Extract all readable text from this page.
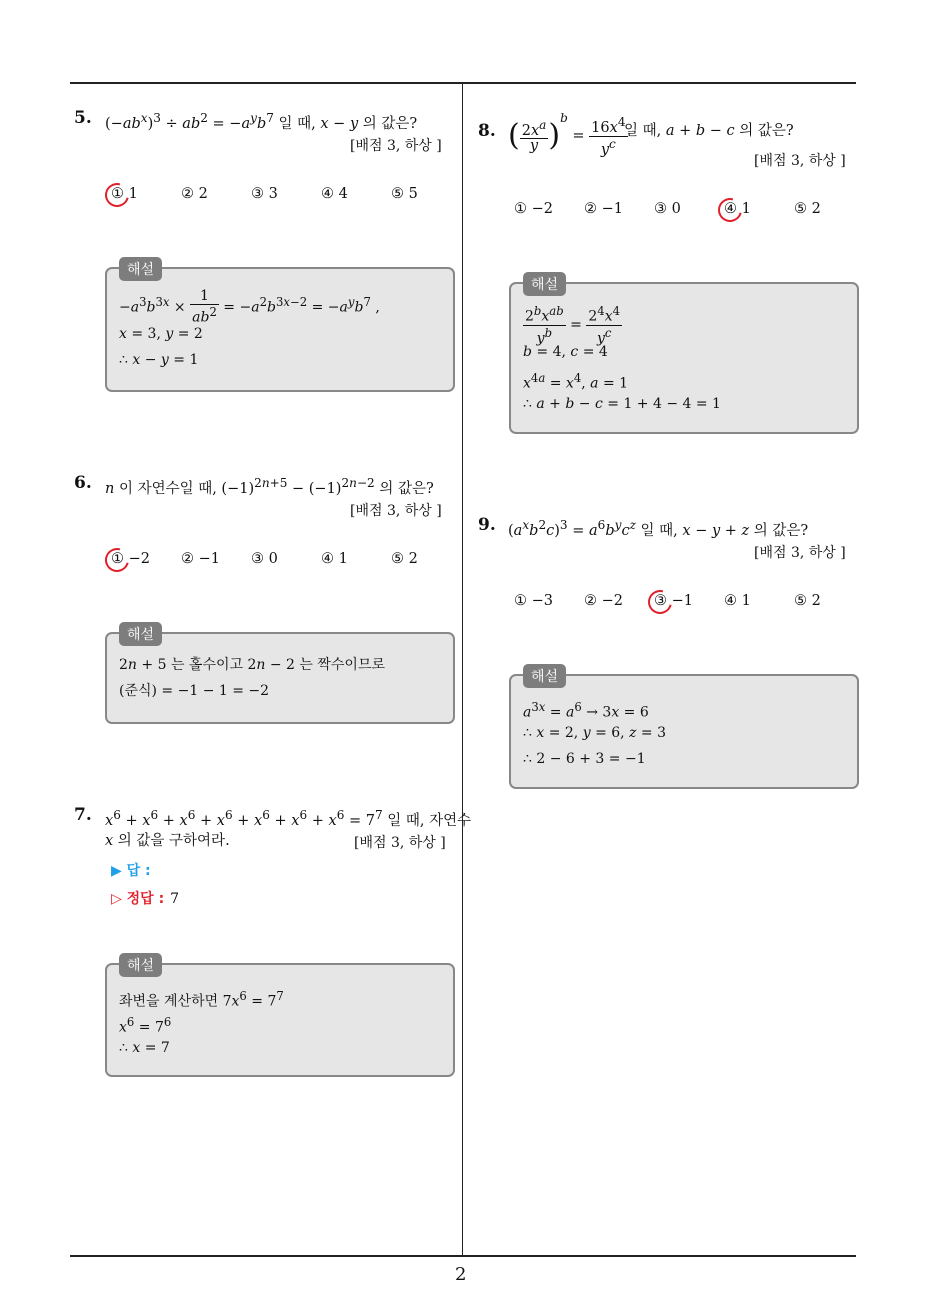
5. $(-ab^x)^3 \div ab^2 = -a^yb^7$ 일 때, x − y 의 값은?
[배점 3, 하상 ]
① 1	② 2	③ 3	④ 4	⑤ 5
해설
$-a^3b^{3x} \times \frac{1}{ab^2} = -a^2b^{3x-2} = -a^yb^7$ ,
x = 3, y = 2
∴ x − y = 1
6. n 이 자연수일 때, $(-1)^{2n+5} - (-1)^{2n-2}$ 의 값은?
[배점 3, 하상 ]
① −2 ② −1 ③ 0	④ 1	⑤ 2
해설
2n + 5 는 홀수이고 2n − 2 는 짝수이므로
(준식) = −1 − 1 = −2
7. $x^6 + x^6 + x^6 + x^6 + x^6 + x^6 + x^6 = 7^7$ 일 때, 자연수
x 의 값을 구하여라.	[배점 3, 하상 ]
▶ 답 :
▷ 정답 : 7
해설
좌변을 계산하면 $7x^6 = 7^7$
$x^6 = 7^6$
∴ x = 7
8. ( $\frac{2x^a}{y} )^b = \frac{16x^4}{y^c}$
일 때, a + b − c 의 값은?
[배점 3, 하상 ]
① −2 ② −1 ③ 0	④ 1	⑤ 2
해설
$\frac{2^bx^{ab}}{y^b} = \frac{2^4x^4}{y^c}$
b = 4, c = 4
$x^{4a} = x^4$, a = 1
∴ a + b − c = 1 + 4 − 4 = 1
9. $(a^xb^2c)^3 = a^6b^yc^z$ 일 때, x − y + z 의 값은?
[배점 3, 하상 ]
① −3 ② −2 ③ −1 ④ 1	⑤ 2
해설
$a^{3x} = a^6 \to 3x = 6$
∴ x = 2, y = 6, z = 3
∴ 2 − 6 + 3 = −1
2
